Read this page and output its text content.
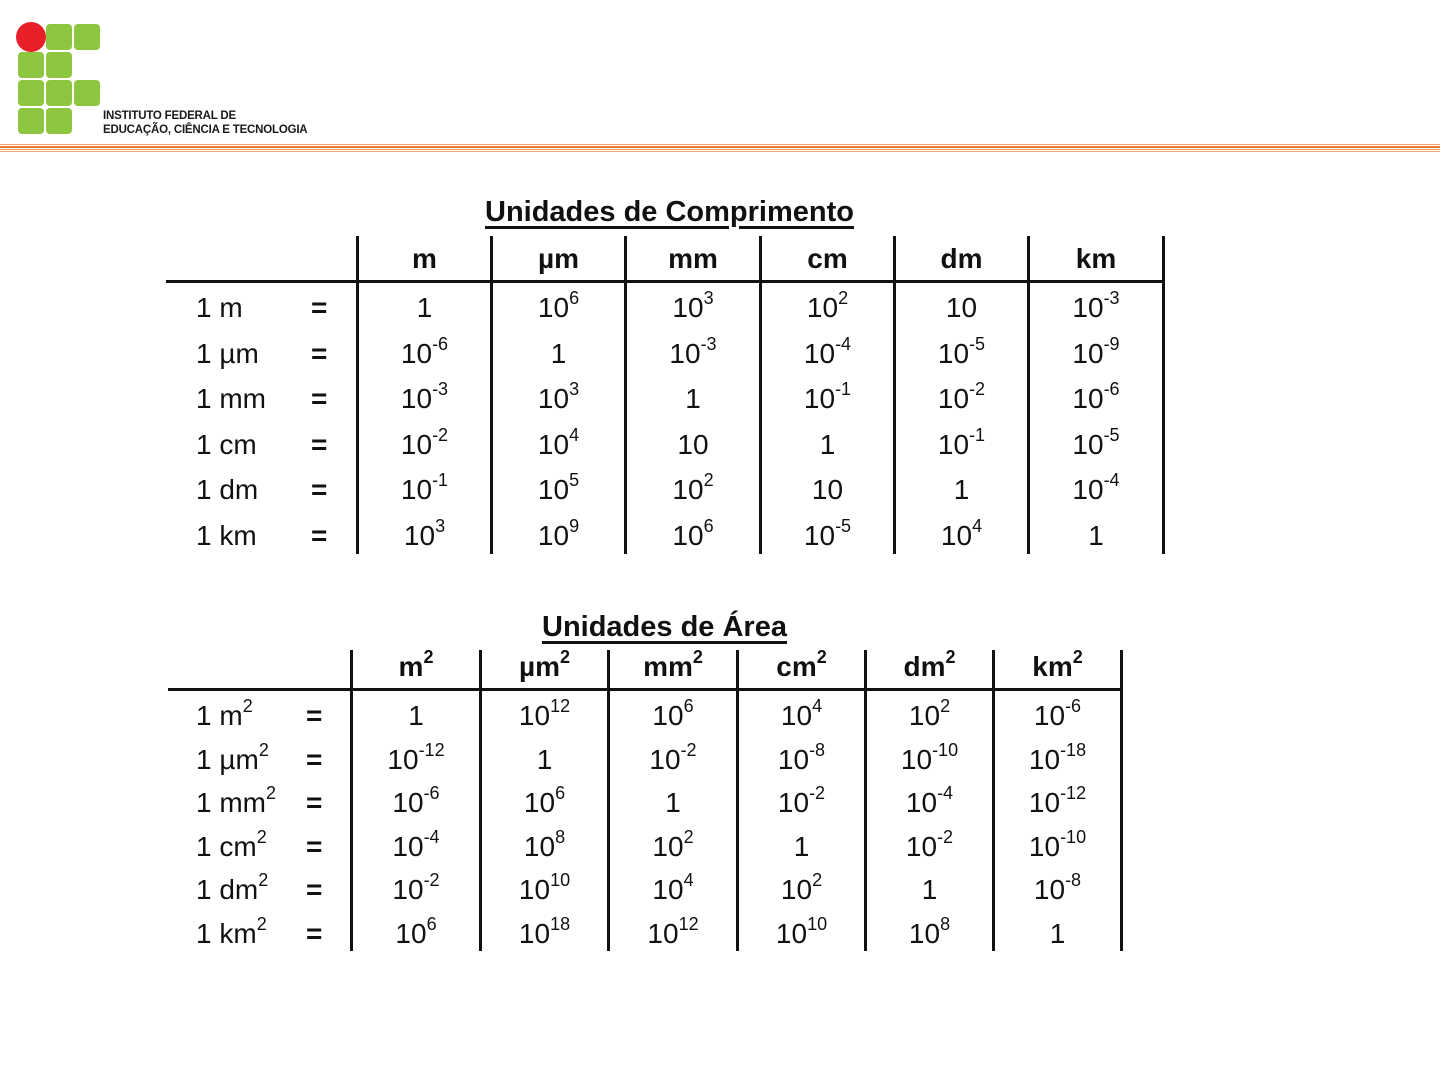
INSTITUTO FEDERAL DE
EDUCAÇÃO, CIÊNCIA E TECNOLOGIA
Unidades de Comprimento
m	µm	mm	cm	dm	km
1 m =	1	$10^6$	$10^3$	$10^2$	10	$10^{-3}$
1 µm =	$10^{-6}$	1	$10^{-3}$	$10^{-4}$	$10^{-5}$	$10^{-9}$
1 mm =	$10^{-3}$	$10^3$	1	$10^{-1}$	$10^{-2}$	$10^{-6}$
1 cm =	$10^{-2}$	$10^4$	10	1	$10^{-1}$	$10^{-5}$
1 dm =	$10^{-1}$	$10^5$	$10^2$	10	1	$10^{-4}$
1 km =	$10^3$	$10^9$	$10^6$	$10^{-5}$	$10^4$	1
Unidades de Área
$m^2$	µm$^2$	$mm^2$	$cm^2$	$dm^2$	$km^2$
1 $m^2$ =	1	$10^{12}$	$10^6$	$10^4$	$10^2$	$10^{-6}$
1 µm$^2$ =	$10^{-12}$	1	$10^{-2}$	$10^{-8}$	$10^{-10}$	$10^{-18}$
1 $mm^2$ =	$10^{-6}$	$10^6$	1	$10^{-2}$	$10^{-4}$	$10^{-12}$
1 $cm^2$ =	$10^{-4}$	$10^8$	$10^2$	1	$10^{-2}$	$10^{-10}$
1 $dm^2$ =	$10^{-2}$	$10^{10}$	$10^4$	$10^2$	1	$10^{-8}$
1 $km^2$ =	$10^6$	$10^{18}$	$10^{12}$	$10^{10}$	$10^8$	1
